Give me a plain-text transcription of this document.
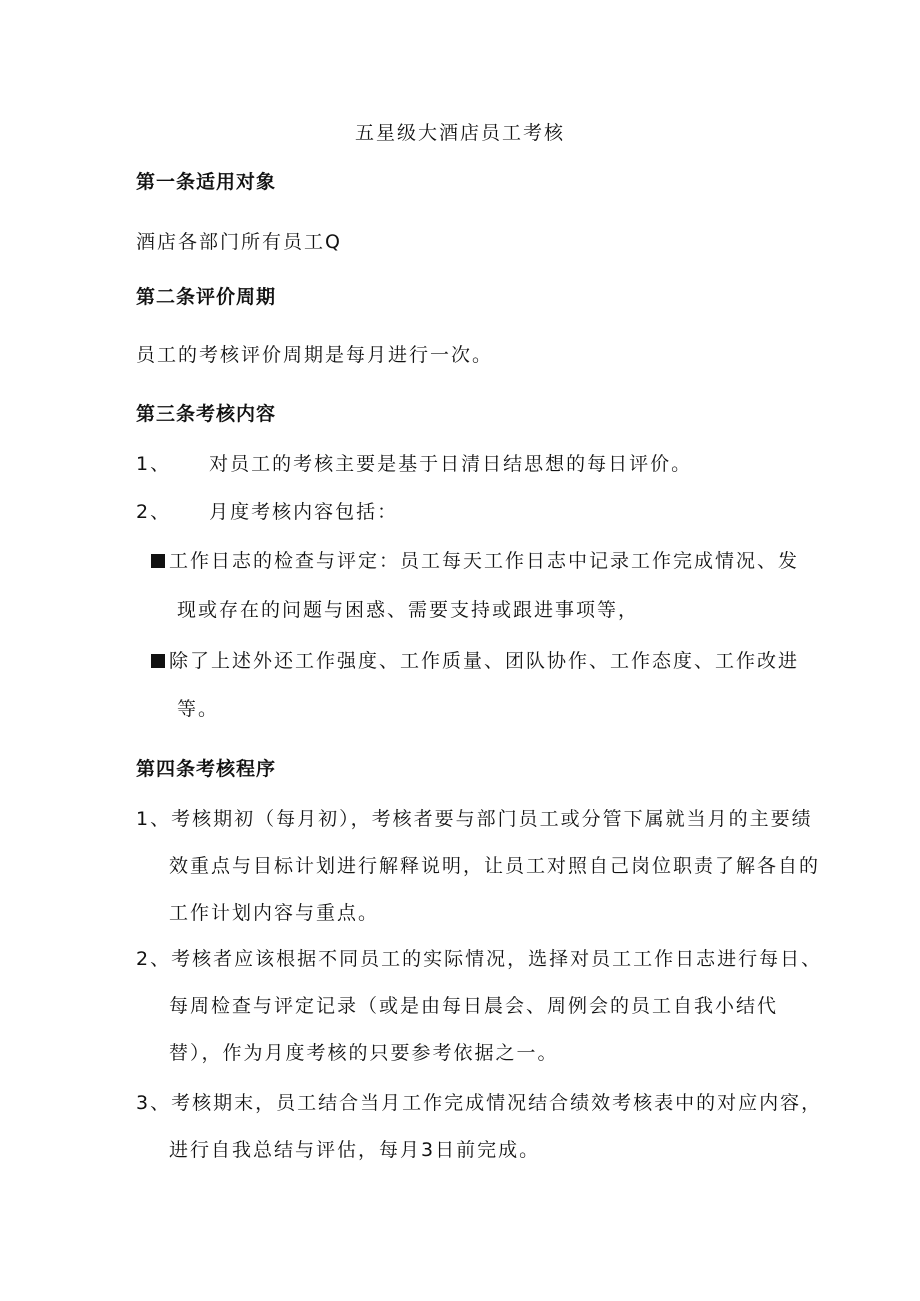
五星级大酒店员工考核
第一条适用对象
酒店各部门所有员工Q
第二条评价周期
员工的考核评价周期是每月进行一次。
第三条考核内容
1、 对员工的考核主要是基于日清日结思想的每日评价。
2、 月度考核内容包括：
工作日志的检查与评定：员工每天工作日志中记录工作完成情况、发
现或存在的问题与困惑、需要支持或跟进事项等，
除了上述外还工作强度、工作质量、团队协作、工作态度、工作改进
等。
第四条考核程序
1、考核期初（每月初），考核者要与部门员工或分管下属就当月的主要绩
效重点与目标计划进行解释说明，让员工对照自己岗位职责了解各自的
工作计划内容与重点。
2、考核者应该根据不同员工的实际情况，选择对员工工作日志进行每日、
每周检查与评定记录（或是由每日晨会、周例会的员工自我小结代
替），作为月度考核的只要参考依据之一。
3、考核期末，员工结合当月工作完成情况结合绩效考核表中的对应内容，
进行自我总结与评估，每月3日前完成。
